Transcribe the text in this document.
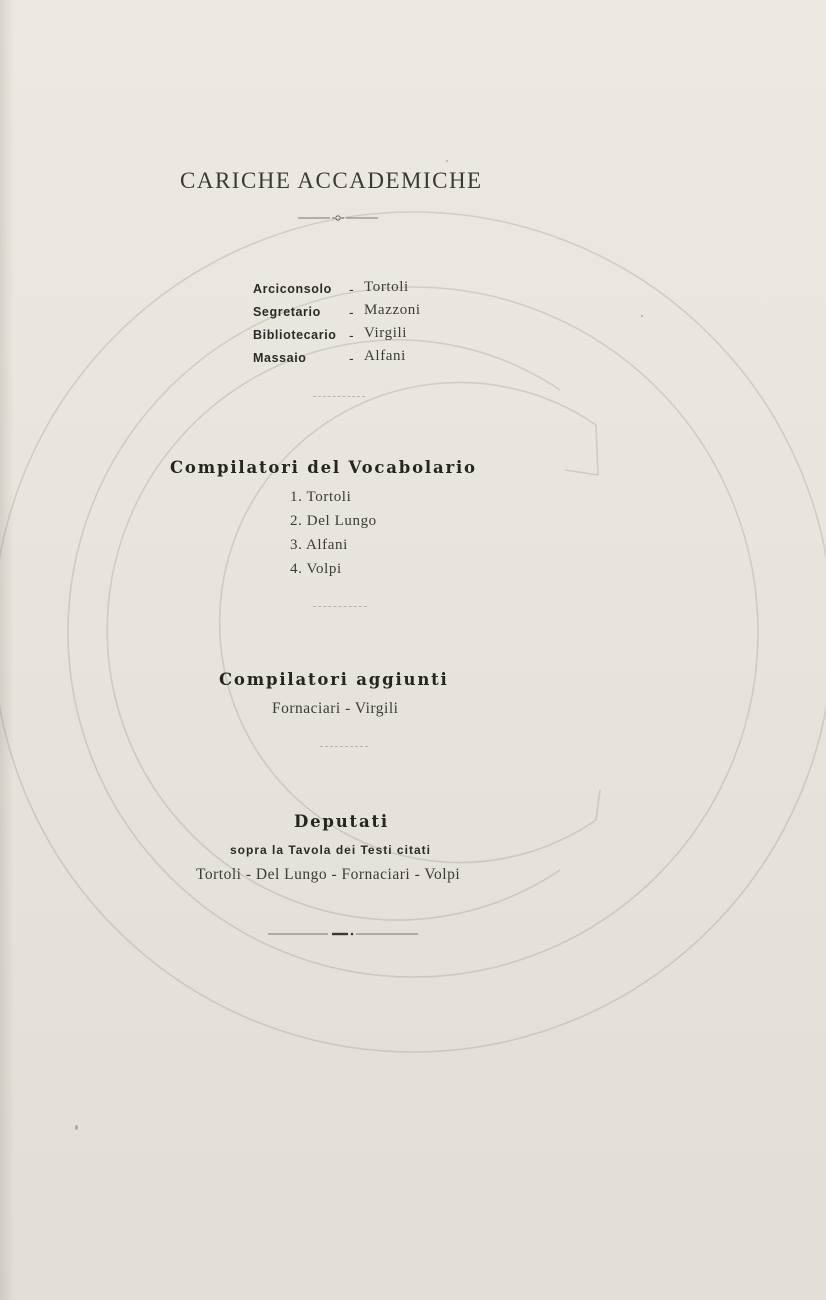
CARICHE ACCADEMICHE
Arciconsolo - Tortoli
Segretario - Mazzoni
Bibliotecario - Virgili
Massaio	- Alfani
Compilatori del Vocabolario
1. Tortoli
2. Del Lungo
3. Alfani
4. Volpi
Compilatori aggiunti
Fornaciari - Virgili
Deputati
sopra la Tavola dei Testi citati
Tortoli - Del Lungo - Fornaciari - Volpi
